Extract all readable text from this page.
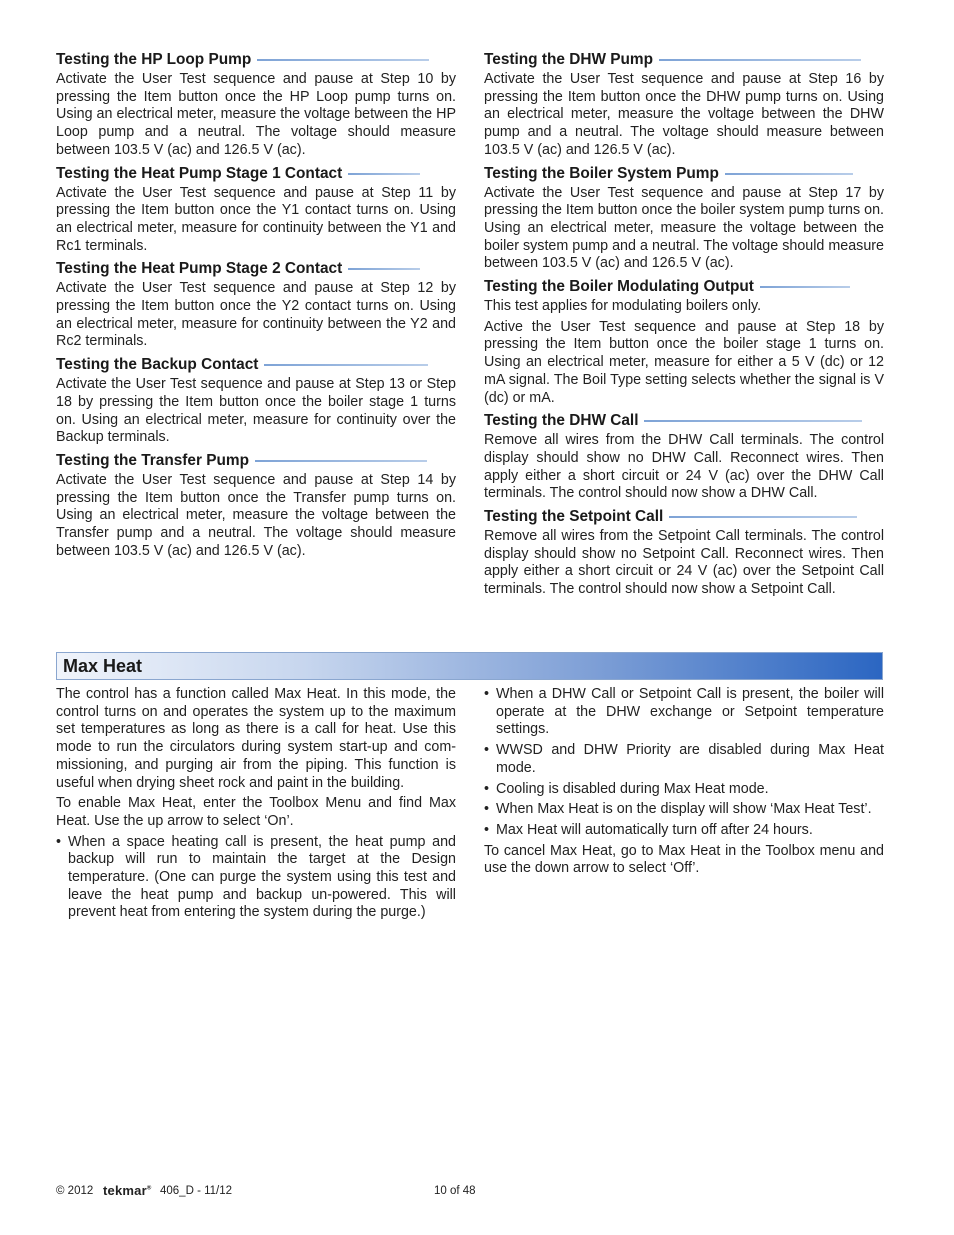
Testing the HP Loop Pump

Activate the User Test sequence and pause at Step 10 by pressing the Item button once the HP Loop pump turns on. Using an electrical meter, measure the voltage between the HP Loop pump and a neutral. The voltage should measure between 103.5 V (ac) and 126.5 V (ac).

Testing the Heat Pump Stage 1 Contact

Activate the User Test sequence and pause at Step 11 by pressing the Item button once the Y1 contact turns on. Using an electrical meter, measure for continuity between the Y1 and Rc1 terminals.

Testing the Heat Pump Stage 2 Contact

Activate the User Test sequence and pause at Step 12 by pressing the Item button once the Y2 contact turns on. Using an electrical meter, measure for continuity between the Y2 and Rc2 terminals.

Testing the Backup Contact

Activate the User Test sequence and pause at Step 13 or Step 18 by pressing the Item button once the boiler stage 1 turns on. Using an electrical meter, measure for continuity over the Backup terminals.

Testing the Transfer Pump

Activate the User Test sequence and pause at Step 14 by pressing the Item button once the Transfer pump turns on. Using an electrical meter, measure the voltage between the Transfer pump and a neutral. The voltage should measure between 103.5 V (ac) and 126.5 V (ac).

Testing the DHW Pump

Activate the User Test sequence and pause at Step 16 by pressing the Item button once the DHW pump turns on. Using an electrical meter, measure the voltage between the DHW pump and a neutral. The voltage should measure between 103.5 V (ac) and 126.5 V (ac).

Testing the Boiler System Pump

Activate the User Test sequence and pause at Step 17 by pressing the Item button once the boiler system pump turns on. Using an electrical meter, measure the voltage between the boiler system pump and a neutral. The voltage should measure between 103.5 V (ac) and 126.5 V (ac).

Testing the Boiler Modulating Output

This test applies for modulating boilers only.

Active the User Test sequence and pause at Step 18 by pressing the Item button once the boiler stage 1 turns on. Using an electrical meter, measure for either a 5 V (dc) or 12 mA signal. The Boil Type setting selects whether the signal is V (dc) or mA.

Testing the DHW Call

Remove all wires from the DHW Call terminals. The control display should show no DHW Call. Reconnect wires. Then apply either a short circuit or 24 V (ac) over the DHW Call terminals. The control should now show a DHW Call.

Testing the Setpoint Call

Remove all wires from the Setpoint Call terminals. The control display should show no Setpoint Call. Reconnect wires. Then apply either a short circuit or 24 V (ac) over the Setpoint Call terminals. The control should now show a Setpoint Call.

Max Heat

The control has a function called Max Heat. In this mode, the control turns on and operates the system up to the maximum set temperatures as long as there is a call for heat. Use this mode to run the circulators during system start-up and com-missioning, and purging air from the piping. This function is useful when drying sheet rock and paint in the building.

To enable Max Heat, enter the Toolbox Menu and find Max Heat. Use the up arrow to select ‘On’.

• When a space heating call is present, the heat pump and backup will run to maintain the target at the Design temperature. (One can purge the system using this test and leave the heat pump and backup un-powered. This will prevent heat from entering the system during the purge.)
• When a DHW Call or Setpoint Call is present, the boiler will operate at the DHW exchange or Setpoint temperature settings.
• WWSD and DHW Priority are disabled during Max Heat mode.
• Cooling is disabled during Max Heat mode.
• When Max Heat is on the display will show ‘Max Heat Test’.
• Max Heat will automatically turn off after 24 hours.

To cancel Max Heat, go to Max Heat in the Toolbox menu and use the down arrow to select ‘Off’.

© 2012 tekmar® 406_D - 11/12	10 of 48
